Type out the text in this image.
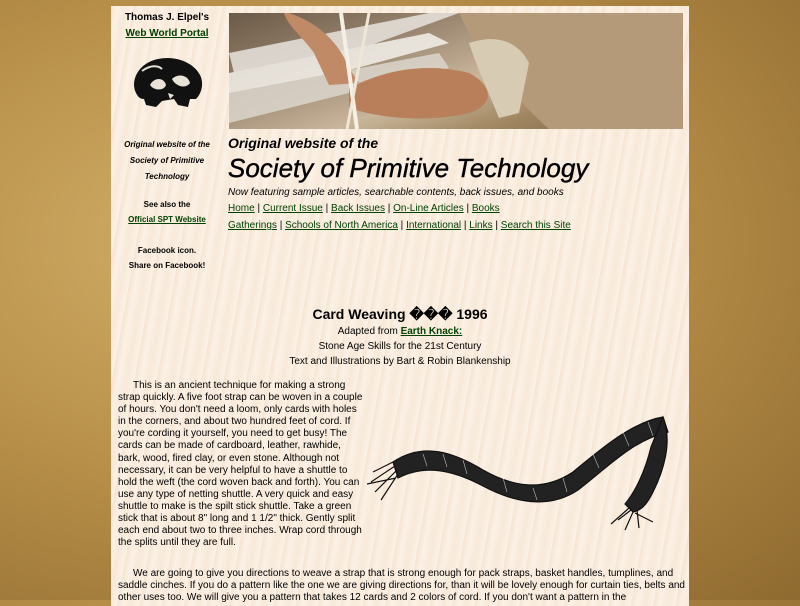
Thomas J. Elpel's
Web World Portal
Original website of the
Society of Primitive
Technology
See also the
Official SPT Website
Facebook icon.
Share on Facebook!

Original website of the

Society of Primitive Technology

Now featuring sample articles, searchable contents, back issues, and books

Home | Current Issue | Back Issues | On-Line Articles | Books
Gatherings | Schools of North America | International | Links | Search this Site
Card Weaving ��� 1996
Adapted from Earth Knack:
Stone Age Skills for the 21st Century
Text and Illustrations by Bart & Robin Blankenship

This is an ancient technique for making a strong strap quickly. A five foot strap can be woven in a couple of hours. You don't need a loom, only cards with holes in the corners, and about two hundred feet of cord. If you're cording it yourself, you need to get busy! The cards can be made of cardboard, leather, rawhide, bark, wood, fired clay, or even stone. Although not necessary, it can be very helpful to have a shuttle to hold the weft (the cord woven back and forth). You can use any type of netting shuttle. A very quick and easy shuttle to make is the spilt stick shuttle. Take a green stick that is about 8" long and 1 1/2" thick. Gently split each end about two to three inches. Wrap cord through the splits until they are full.

We are going to give you directions to weave a strap that is strong enough for pack straps, basket handles, tumplines, and saddle cinches. If you do a pattern like the one we are giving directions for, than it will be lovely enough for curtain ties, belts and other uses too. We will give you a pattern that takes 12 cards and 2 colors of cord. If you don't want a pattern in the
